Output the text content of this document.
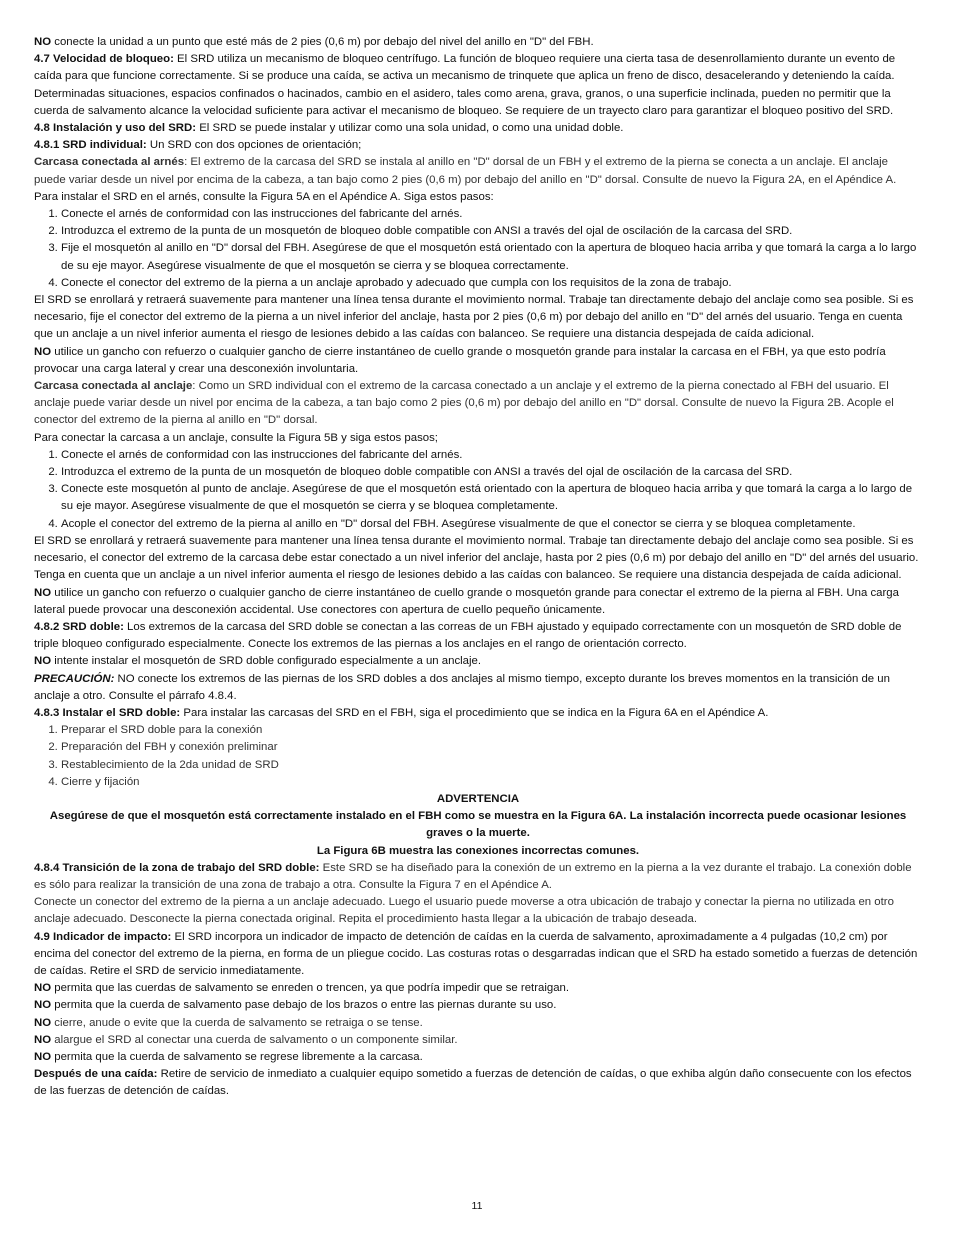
NO conecte la unidad a un punto que esté más de 2 pies (0,6 m) por debajo del nivel del anillo en "D" del FBH.

4.7 Velocidad de bloqueo: El SRD utiliza un mecanismo de bloqueo centrífugo. La función de bloqueo requiere una cierta tasa de desenrollamiento durante un evento de caída para que funcione correctamente. Si se produce una caída, se activa un mecanismo de trinquete que aplica un freno de disco, desacelerando y deteniendo la caída. Determinadas situaciones, espacios confinados o hacinados, cambio en el asidero, tales como arena, grava, granos, o una superficie inclinada, pueden no permitir que la cuerda de salvamento alcance la velocidad suficiente para activar el mecanismo de bloqueo. Se requiere de un trayecto claro para garantizar el bloqueo positivo del SRD.

4.8 Instalación y uso del SRD: El SRD se puede instalar y utilizar como una sola unidad, o como una unidad doble.

4.8.1 SRD individual: Un SRD con dos opciones de orientación;

Carcasa conectada al arnés: El extremo de la carcasa del SRD se instala al anillo en "D" dorsal de un FBH y el extremo de la pierna se conecta a un anclaje. El anclaje puede variar desde un nivel por encima de la cabeza, a tan bajo como 2 pies (0,6 m) por debajo del anillo en "D" dorsal. Consulte de nuevo la Figura 2A, en el Apéndice A.

Para instalar el SRD en el arnés, consulte la Figura 5A en el Apéndice A. Siga estos pasos:

1. Conecte el arnés de conformidad con las instrucciones del fabricante del arnés.
2. Introduzca el extremo de la punta de un mosquetón de bloqueo doble compatible con ANSI a través del ojal de oscilación de la carcasa del SRD.
3. Fije el mosquetón al anillo en "D" dorsal del FBH. Asegúrese de que el mosquetón está orientado con la apertura de bloqueo hacia arriba y que tomará la carga a lo largo de su eje mayor. Asegúrese visualmente de que el mosquetón se cierra y se bloquea correctamente.
4. Conecte el conector del extremo de la pierna a un anclaje aprobado y adecuado que cumpla con los requisitos de la zona de trabajo.

El SRD se enrollará y retraerá suavemente para mantener una línea tensa durante el movimiento normal. Trabaje tan directamente debajo del anclaje como sea posible. Si es necesario, fije el conector del extremo de la pierna a un nivel inferior del anclaje, hasta por 2 pies (0,6 m) por debajo del anillo en "D" del arnés del usuario. Tenga en cuenta que un anclaje a un nivel inferior aumenta el riesgo de lesiones debido a las caídas con balanceo. Se requiere una distancia despejada de caída adicional.

NO utilice un gancho con refuerzo o cualquier gancho de cierre instantáneo de cuello grande o mosquetón grande para instalar la carcasa en el FBH, ya que esto podría provocar una carga lateral y crear una desconexión involuntaria.

Carcasa conectada al anclaje: Como un SRD individual con el extremo de la carcasa conectado a un anclaje y el extremo de la pierna conectado al FBH del usuario. El anclaje puede variar desde un nivel por encima de la cabeza, a tan bajo como 2 pies (0,6 m) por debajo del anillo en "D" dorsal. Consulte de nuevo la Figura 2B. Acople el conector del extremo de la pierna al anillo en "D" dorsal.

Para conectar la carcasa a un anclaje, consulte la Figura 5B y siga estos pasos;

1. Conecte el arnés de conformidad con las instrucciones del fabricante del arnés.
2. Introduzca el extremo de la punta de un mosquetón de bloqueo doble compatible con ANSI a través del ojal de oscilación de la carcasa del SRD.
3. Conecte este mosquetón al punto de anclaje. Asegúrese de que el mosquetón está orientado con la apertura de bloqueo hacia arriba y que tomará la carga a lo largo de su eje mayor. Asegúrese visualmente de que el mosquetón se cierra y se bloquea completamente.
4. Acople el conector del extremo de la pierna al anillo en "D" dorsal del FBH. Asegúrese visualmente de que el conector se cierra y se bloquea completamente.

El SRD se enrollará y retraerá suavemente para mantener una línea tensa durante el movimiento normal. Trabaje tan directamente debajo del anclaje como sea posible. Si es necesario, el conector del extremo de la carcasa debe estar conectado a un nivel inferior del anclaje, hasta por 2 pies (0,6 m) por debajo del anillo en "D" del arnés del usuario. Tenga en cuenta que un anclaje a un nivel inferior aumenta el riesgo de lesiones debido a las caídas con balanceo. Se requiere una distancia despejada de caída adicional.

NO utilice un gancho con refuerzo o cualquier gancho de cierre instantáneo de cuello grande o mosquetón grande para conectar el extremo de la pierna al FBH. Una carga lateral puede provocar una desconexión accidental. Use conectores con apertura de cuello pequeño únicamente.

4.8.2 SRD doble: Los extremos de la carcasa del SRD doble se conectan a las correas de un FBH ajustado y equipado correctamente con un mosquetón de SRD doble de triple bloqueo configurado especialmente. Conecte los extremos de las piernas a los anclajes en el rango de orientación correcto.

NO intente instalar el mosquetón de SRD doble configurado especialmente a un anclaje.

PRECAUCIÓN: NO conecte los extremos de las piernas de los SRD dobles a dos anclajes al mismo tiempo, excepto durante los breves momentos en la transición de un anclaje a otro. Consulte el párrafo 4.8.4.

4.8.3 Instalar el SRD doble: Para instalar las carcasas del SRD en el FBH, siga el procedimiento que se indica en la Figura 6A en el Apéndice A.

1. Preparar el SRD doble para la conexión
2. Preparación del FBH y conexión preliminar
3. Restablecimiento de la 2da unidad de SRD
4. Cierre y fijación

ADVERTENCIA

Asegúrese de que el mosquetón está correctamente instalado en el FBH como se muestra en la Figura 6A. La instalación incorrecta puede ocasionar lesiones graves o la muerte.

La Figura 6B muestra las conexiones incorrectas comunes.

4.8.4 Transición de la zona de trabajo del SRD doble: Este SRD se ha diseñado para la conexión de un extremo en la pierna a la vez durante el trabajo. La conexión doble es sólo para realizar la transición de una zona de trabajo a otra. Consulte la Figura 7 en el Apéndice A.

Conecte un conector del extremo de la pierna a un anclaje adecuado. Luego el usuario puede moverse a otra ubicación de trabajo y conectar la pierna no utilizada en otro anclaje adecuado. Desconecte la pierna conectada original. Repita el procedimiento hasta llegar a la ubicación de trabajo deseada.

4.9 Indicador de impacto: El SRD incorpora un indicador de impacto de detención de caídas en la cuerda de salvamento, aproximadamente a 4 pulgadas (10,2 cm) por encima del conector del extremo de la pierna, en forma de un pliegue cocido. Las costuras rotas o desgarradas indican que el SRD ha estado sometido a fuerzas de detención de caídas. Retire el SRD de servicio inmediatamente.

NO permita que las cuerdas de salvamento se enreden o trencen, ya que podría impedir que se retraigan.

NO permita que la cuerda de salvamento pase debajo de los brazos o entre las piernas durante su uso.

NO cierre, anude o evite que la cuerda de salvamento se retraiga o se tense.

NO alargue el SRD al conectar una cuerda de salvamento o un componente similar.

NO permita que la cuerda de salvamento se regrese libremente a la carcasa.

Después de una caída: Retire de servicio de inmediato a cualquier equipo sometido a fuerzas de detención de caídas, o que exhiba algún daño consecuente con los efectos de las fuerzas de detención de caídas.

11
